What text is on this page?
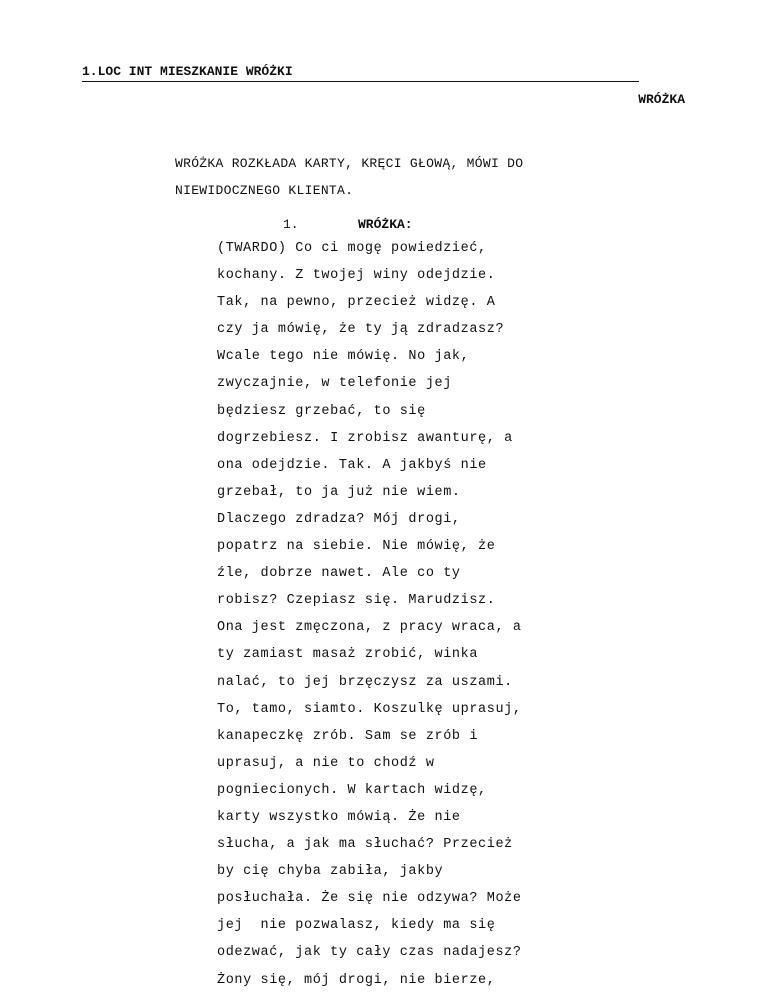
1.LOC INT MIESZKANIE WRÓŻKI
WRÓŻKA
WRÓŻKA ROZKŁADA KARTY, KRĘCI GŁOWĄ, MÓWI DO
NIEWIDOCZNEGO KLIENTA.
1.	WRÓŻKA:
(TWARDO) Co ci mogę powiedzieć,
kochany. Z twojej winy odejdzie.
Tak, na pewno, przecież widzę. A
czy ja mówię, że ty ją zdradzasz?
Wcale tego nie mówię. No jak,
zwyczajnie, w telefonie jej
będziesz grzebać, to się
dogrzebiesz. I zrobisz awanturę, a
ona odejdzie. Tak. A jakbyś nie
grzebał, to ja już nie wiem.
Dlaczego zdradza? Mój drogi,
popatrz na siebie. Nie mówię, że
źle, dobrze nawet. Ale co ty
robisz? Czepiasz się. Marudzisz.
Ona jest zmęczona, z pracy wraca, a
ty zamiast masaż zrobić, winka
nalać, to jej brzęczysz za uszami.
To, tamo, siamto. Koszulkę uprasuj,
kanapeczkę zrób. Sam se zrób i
uprasuj, a nie to chodź w
pogniecionych. W kartach widzę,
karty wszystko mówią. Że nie
słucha, a jak ma słuchać? Przecież
by cię chyba zabiła, jakby
posłuchała. Że się nie odzywa? Może
jej  nie pozwalasz, kiedy ma się
odezwać, jak ty cały czas nadajesz?
Żony się, mój drogi, nie bierze,
